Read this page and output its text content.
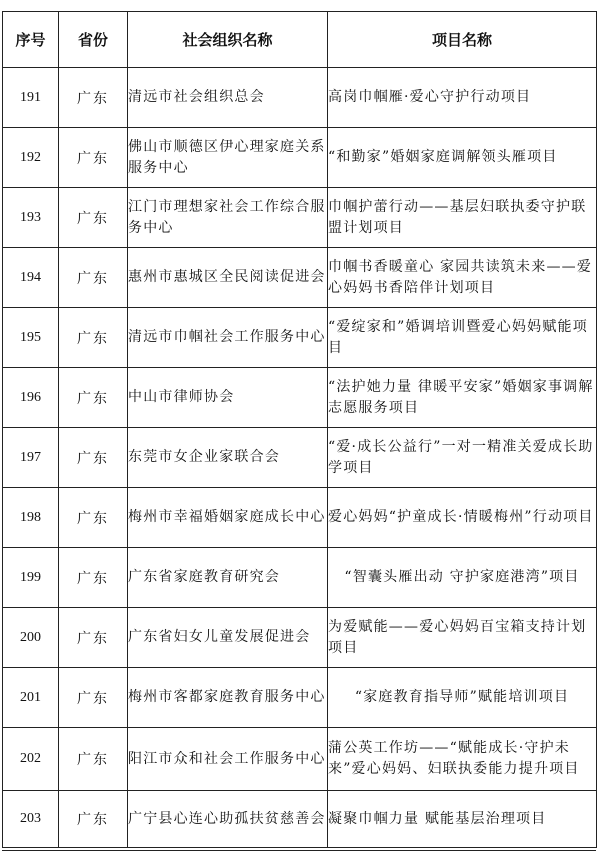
序号	省份	社会组织名称	项目名称
191	广东	清远市社会组织总会	高岗巾帼雁·爱心守护行动项目
192	广东	佛山市顺德区伊心理家庭关系服务中心	“和勤家”婚姻家庭调解领头雁项目
193	广东	江门市理想家社会工作综合服务中心	巾帼护蕾行动——基层妇联执委守护联盟计划项目
194	广东	惠州市惠城区全民阅读促进会	巾帼书香暖童心 家园共读筑未来——爱心妈妈书香陪伴计划项目
195	广东	清远市巾帼社会工作服务中心	“爱绽家和”婚调培训暨爱心妈妈赋能项目
196	广东	中山市律师协会	“法护她力量 律暖平安家”婚姻家事调解志愿服务项目
197	广东	东莞市女企业家联合会	“爱·成长公益行”一对一精准关爱成长助学项目
198	广东	梅州市幸福婚姻家庭成长中心	爱心妈妈“护童成长·情暖梅州”行动项目
199	广东	广东省家庭教育研究会	“智囊头雁出动 守护家庭港湾”项目
200	广东	广东省妇女儿童发展促进会	为爱赋能——爱心妈妈百宝箱支持计划项目
201	广东	梅州市客都家庭教育服务中心	“家庭教育指导师”赋能培训项目
202	广东	阳江市众和社会工作服务中心	蒲公英工作坊——“赋能成长·守护未来”爱心妈妈、妇联执委能力提升项目
203	广东	广宁县心连心助孤扶贫慈善会	凝聚巾帼力量 赋能基层治理项目
